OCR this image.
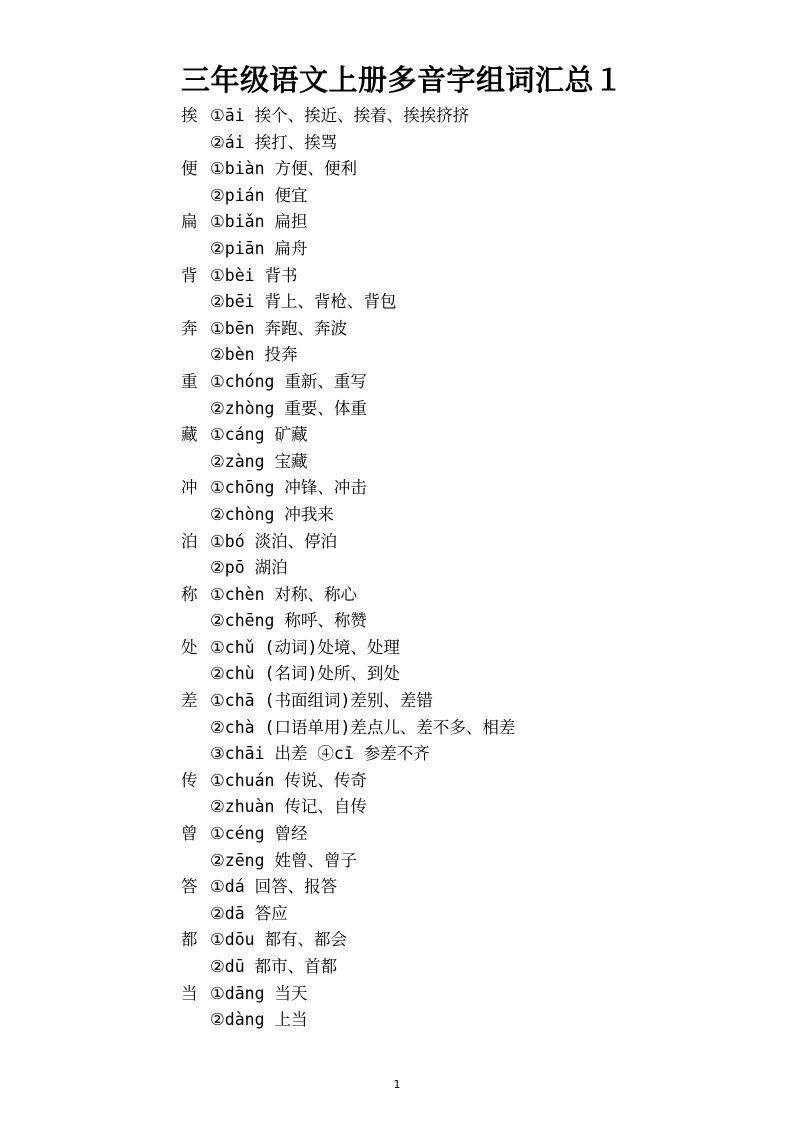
三年级语文上册多音字组词汇总１
挨 ①āi 挨个、挨近、挨着、挨挨挤挤
②ái 挨打、挨骂
便 ①biàn 方便、便利
②pián 便宜
扁 ①biǎn 扁担
②piān 扁舟
背 ①bèi 背书
②bēi 背上、背枪、背包
奔 ①bēn 奔跑、奔波
②bèn 投奔
重 ①chóng 重新、重写
②zhòng 重要、体重
藏 ①cáng 矿藏
②zàng 宝藏
冲 ①chōng 冲锋、冲击
②chòng 冲我来
泊 ①bó 淡泊、停泊
②pō 湖泊
称 ①chèn 对称、称心
②chēng 称呼、称赞
处 ①chǔ (动词)处境、处理
②chù (名词)处所、到处
差 ①chā (书面组词)差别、差错
②chà (口语单用)差点儿、差不多、相差
③chāi 出差 ④cī 参差不齐
传 ①chuán 传说、传奇
②zhuàn 传记、自传
曾 ①céng 曾经
②zēng 姓曾、曾子
答 ①dá 回答、报答
②dā 答应
都 ①dōu 都有、都会
②dū 都市、首都
当 ①dāng 当天
②dàng 上当
1
